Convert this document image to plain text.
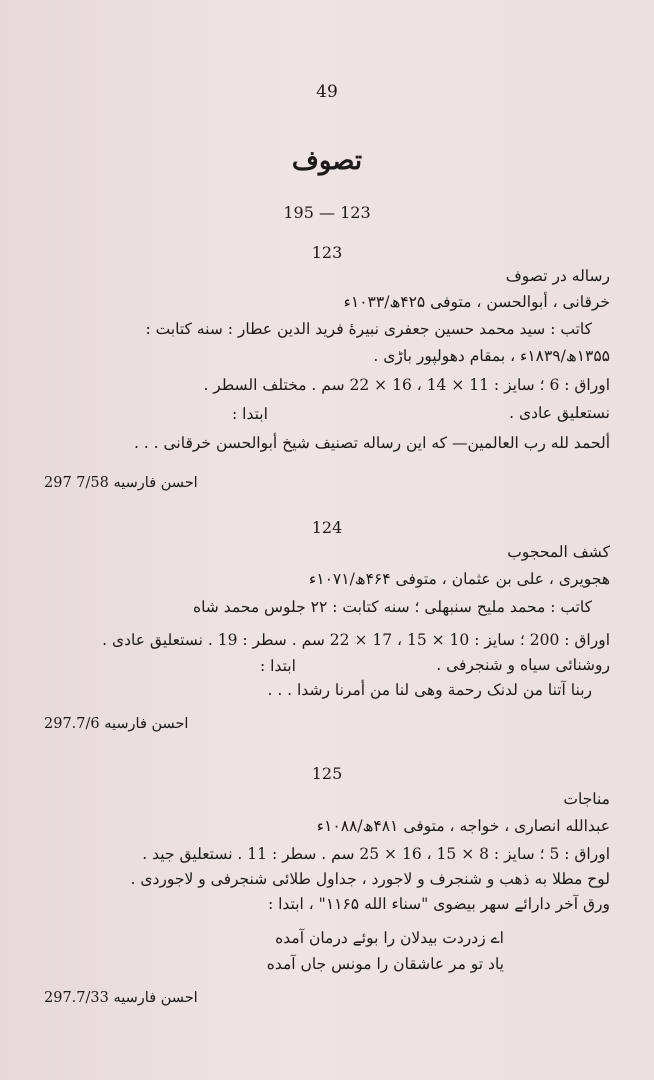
49
تصوف
195 — 123
123
رساله در تصوف
خرقانی ، أبوالحسن ، متوفی ۴۲۵ھ/۱۰۳۳ء
کاتب : سید محمد حسین جعفری نبیرهٔ فرید الدین عطار : سنه کتابت :
۱۳۵۵ھ/۱۸۳۹ء ، بمقام دهولپور باڑی .
اوراق : 6 ؛ سایز : 11 × 14 ، 16 × 22 سم . مختلف السطر .
نستعلیق عادی .
ابتدا :
ألحمد لله رب العالمین— که این رساله تصنیف شیخ أبوالحسن خرقانی . . .
احسن فارسیه 7/58 297
124
کشف المحجوب
هجویری ، علی بن عثمان ، متوفی ۴۶۴ھ/۱۰۷۱ء
کاتب : محمد ملیح سنبهلی ؛ سنه کتابت : ۲۲ جلوس محمد شاه
اوراق : 200 ؛ سایز : 10 × 15 ، 17 × 22 سم . سطر : 19 . نستعلیق عادی .
روشنائی سیاه و شنجرفی .
ابتدا :
ربنا آتنا من لدنک رحمة وهی لنا من أمرنا رشدا . . .
احسن فارسیه 297.7/6
125
مناجات
عبدالله انصاری ، خواجه ، متوفی ۴۸۱ھ/۱۰۸۸ء
اوراق : 5 ؛ سایز : 8 × 15 ، 16 × 25 سم . سطر : 11 . نستعلیق جید .
لوح مطلا به ذهب و شنجرف و لاجورد ، جداول طلائی شنجرفی و لاجوردی .
ورق آخر دارائے سهر بیضوی "سناء الله ۱۱۶۵" ، ابتدا :
اے زدردت بیدلان را بوئے درمان آمده
یاد تو مر عاشقان را مونس جاں آمده
احسن فارسیه 297.7/33
